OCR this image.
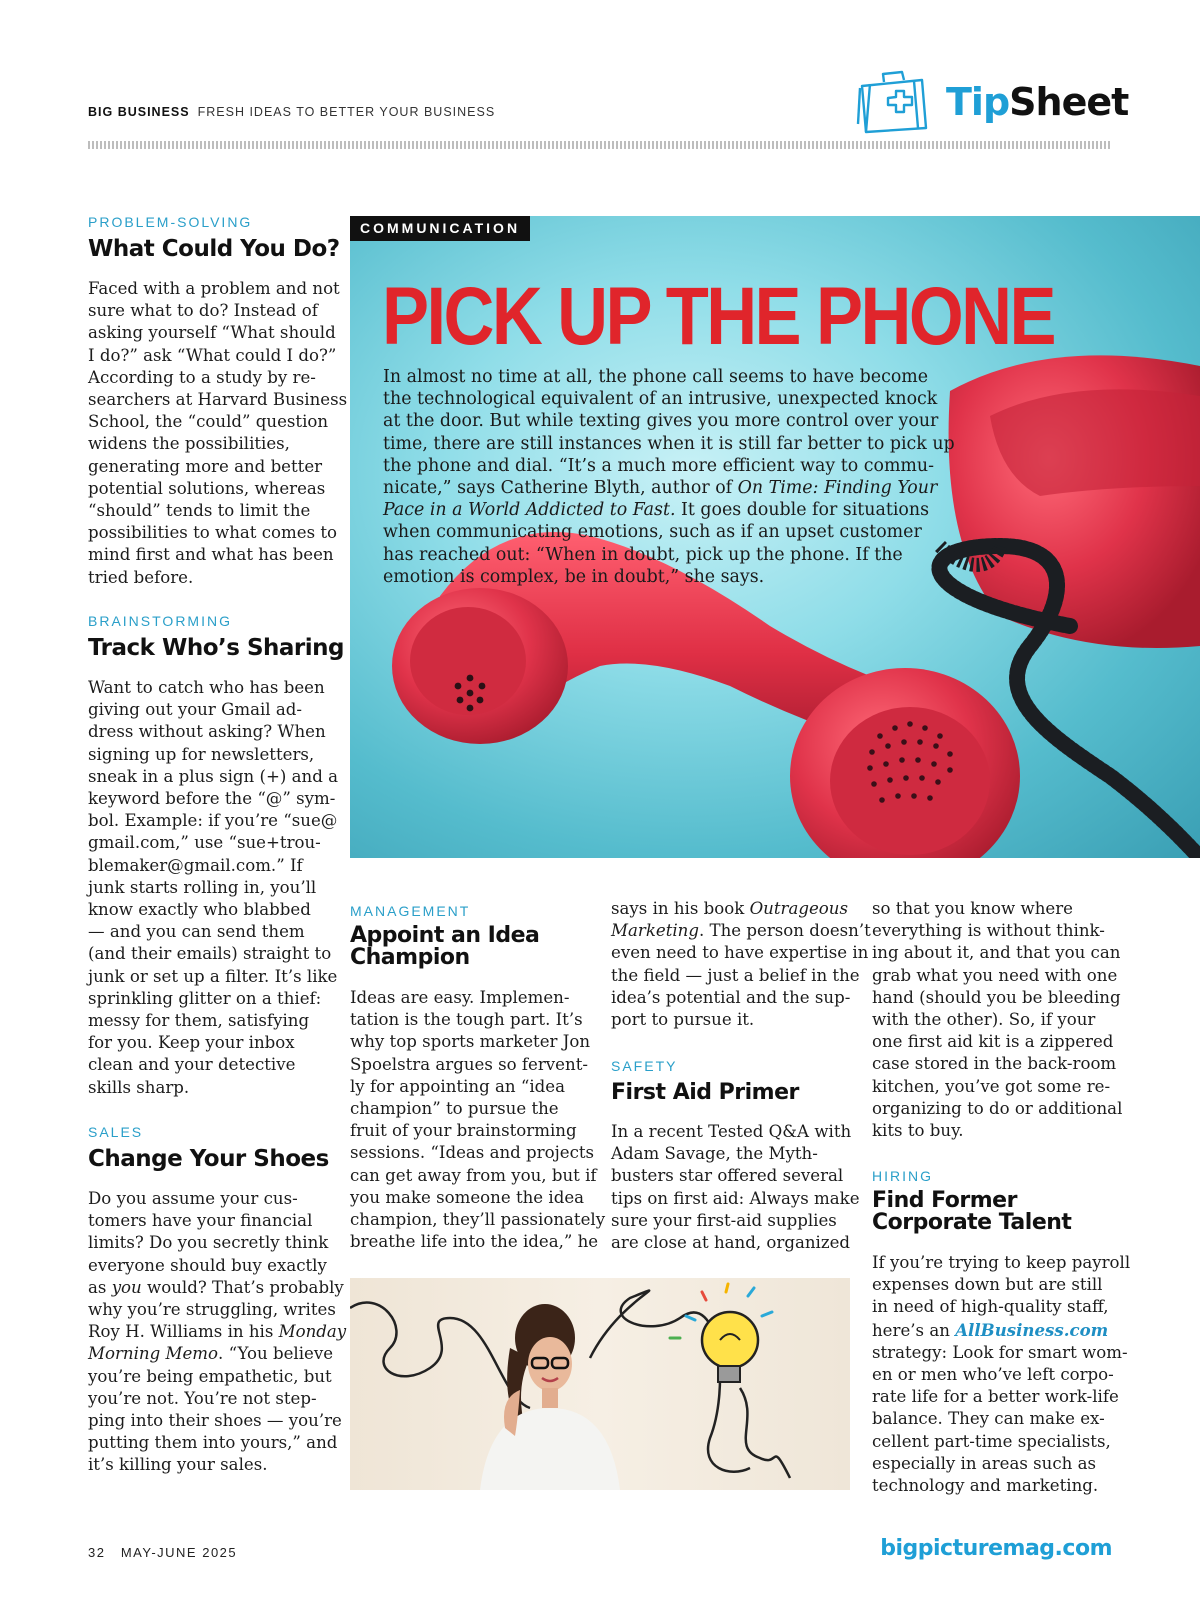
BIG BUSINESS FRESH IDEAS TO BETTER YOUR BUSINESS	TipSheet
PROBLEM-SOLVING
What Could You Do?
Faced with a problem and not
sure what to do? Instead of
asking yourself “What should
I do?” ask “What could I do?”
According to a study by re-
searchers at Harvard Business
School, the “could” question
widens the possibilities,
generating more and better
potential solutions, whereas
“should” tends to limit the
possibilities to what comes to
mind first and what has been
tried before.
BRAINSTORMING
Track Who’s Sharing
Want to catch who has been
giving out your Gmail ad-
dress without asking? When
signing up for newsletters,
sneak in a plus sign (+) and a
keyword before the “@” sym-
bol. Example: if you’re “sue@
gmail.com,” use “sue+trou-
blemaker@gmail.com.” If
junk starts rolling in, you’ll
know exactly who blabbed
— and you can send them
(and their emails) straight to
junk or set up a filter. It’s like
sprinkling glitter on a thief:
messy for them, satisfying
for you. Keep your inbox
clean and your detective
skills sharp.
SALES
Change Your Shoes
Do you assume your cus-
tomers have your financial
limits? Do you secretly think
everyone should buy exactly
as you would? That’s probably
why you’re struggling, writes
Roy H. Williams in his Monday
Morning Memo. “You believe
you’re being empathetic, but
you’re not. You’re not step-
ping into their shoes — you’re
putting them into yours,” and
it’s killing your sales.
COMMUNICATION
PICK UP THE PHONE
In almost no time at all, the phone call seems to have become
the technological equivalent of an intrusive, unexpected knock
at the door. But while texting gives you more control over your
time, there are still instances when it is still far better to pick up
the phone and dial. “It’s a much more efficient way to commu-
nicate,” says Catherine Blyth, author of On Time: Finding Your
Pace in a World Addicted to Fast. It goes double for situations
when communicating emotions, such as if an upset customer
has reached out: “When in doubt, pick up the phone. If the
emotion is complex, be in doubt,” she says.
MANAGEMENT
Appoint an Idea
Champion
Ideas are easy. Implemen-
tation is the tough part. It’s
why top sports marketer Jon
Spoelstra argues so fervent-
ly for appointing an “idea
champion” to pursue the
fruit of your brainstorming
sessions. “Ideas and projects
can get away from you, but if
you make someone the idea
champion, they’ll passionately
breathe life into the idea,” he
says in his book Outrageous
Marketing. The person doesn’t
even need to have expertise in
the field — just a belief in the
idea’s potential and the sup-
port to pursue it.
SAFETY
First Aid Primer
In a recent Tested Q&A with
Adam Savage, the Myth-
busters star offered several
tips on first aid: Always make
sure your first-aid supplies
are close at hand, organized
so that you know where
everything is without think-
ing about it, and that you can
grab what you need with one
hand (should you be bleeding
with the other). So, if your
one first aid kit is a zippered
case stored in the back-room
kitchen, you’ve got some re-
organizing to do or additional
kits to buy.
HIRING
Find Former
Corporate Talent
If you’re trying to keep payroll
expenses down but are still
in need of high-quality staff,
here’s an AllBusiness.com
strategy: Look for smart wom-
en or men who’ve left corpo-
rate life for a better work-life
balance. They can make ex-
cellent part-time specialists,
especially in areas such as
technology and marketing.
32 MAY-JUNE 2025	bigpicturemag.com
